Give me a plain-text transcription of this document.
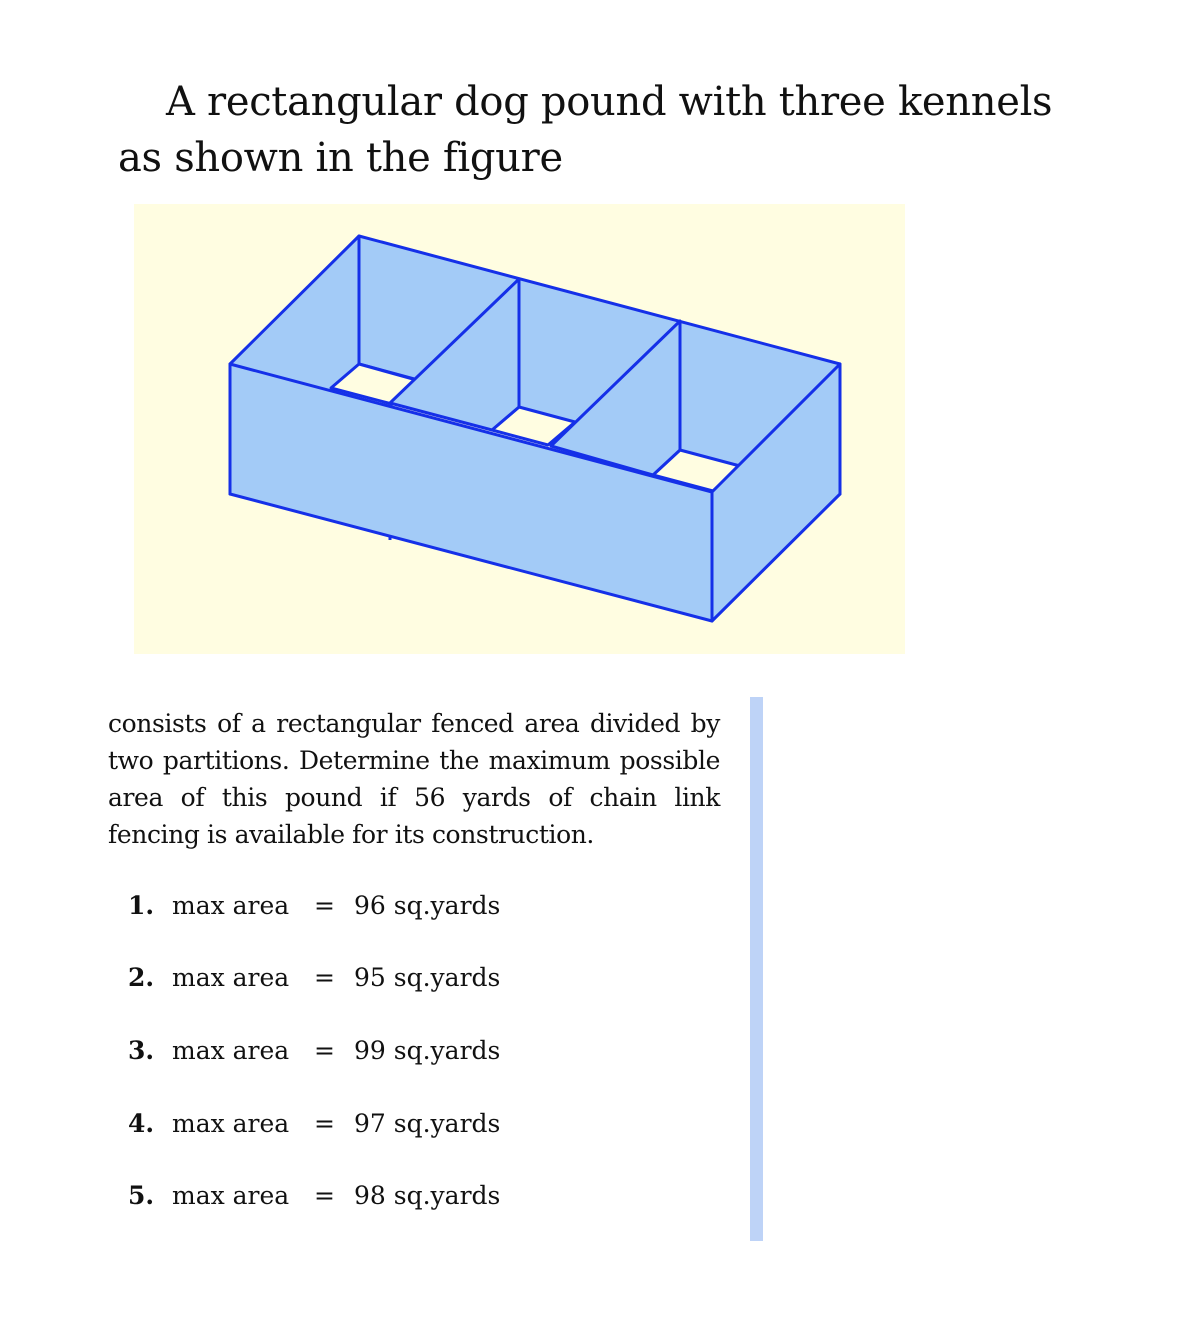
A rectangular dog pound with three kennels as shown in the figure

consists of a rectangular fenced area divided by two partitions. Determine the maximum possible area of this pound if 56 yards of chain link fencing is available for its construction.

1. max area = 96 sq.yards
2. max area = 95 sq.yards
3. max area = 99 sq.yards
4. max area = 97 sq.yards
5. max area = 98 sq.yards
